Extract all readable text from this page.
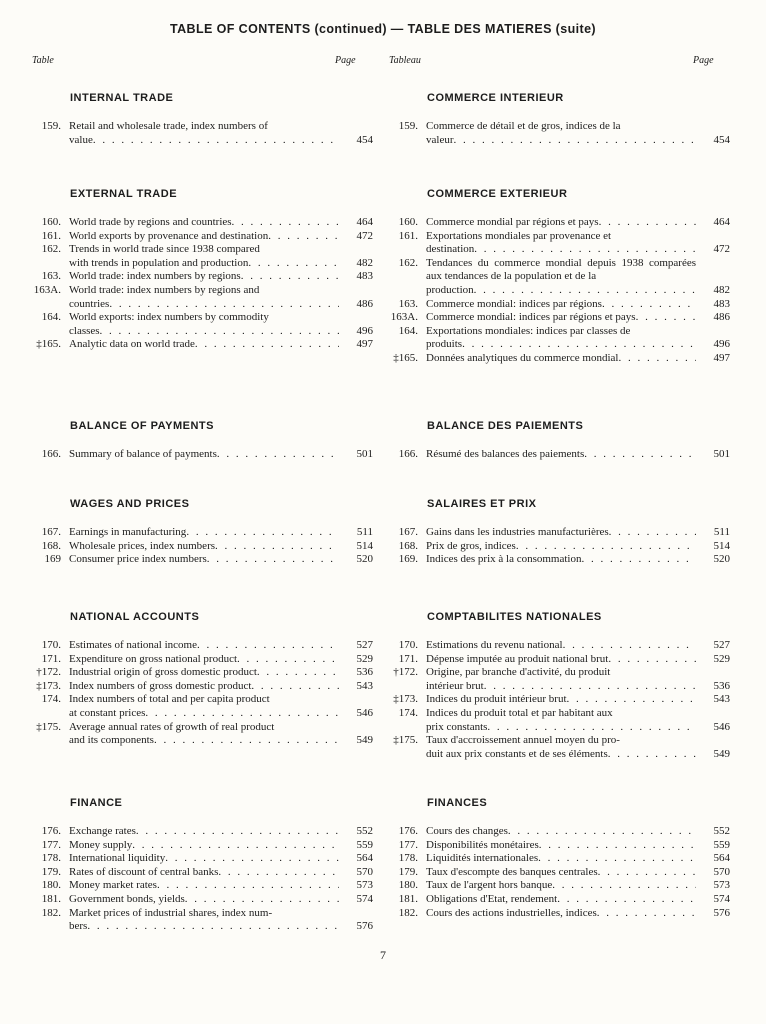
TABLE OF CONTENTS (continued) — TABLE DES MATIERES (suite)
Table	Page	Tableau	Page
INTERNAL TRADE
159. Retail and wholesale trade, index numbers of
value . . .	454
EXTERNAL TRADE
160. World trade by regions and countries . . .	464
161. World exports by provenance and destination . . .	472
162. Trends in world trade since 1938 compared
with trends in population and production . . .	482
163. World trade: index numbers by regions . . .	483
163A. World trade: index numbers by regions and
countries . . .	486
164. World exports: index numbers by commodity
classes . . .	496
‡165. Analytic data on world trade . . .	497
BALANCE OF PAYMENTS
166. Summary of balance of payments . . .	501
WAGES AND PRICES
167. Earnings in manufacturing . . .	511
168. Wholesale prices, index numbers . . .	514
169 Consumer price index numbers . . .	520
NATIONAL ACCOUNTS
170. Estimates of national income . . .	527
171. Expenditure on gross national product . . .	529
†172. Industrial origin of gross domestic product . . .	536
‡173. Index numbers of gross domestic product . . .	543
174. Index numbers of total and per capita product
at constant prices . . .	546
‡175. Average annual rates of growth of real product
and its components . . .	549
FINANCE
176. Exchange rates . . .	552
177. Money supply . . .	559
178. International liquidity . . .	564
179. Rates of discount of central banks . . .	570
180. Money market rates . . .	573
181. Government bonds, yields . . .	574
182. Market prices of industrial shares, index num-
bers . . .	576
COMMERCE INTERIEUR
159. Commerce de détail et de gros, indices de la
valeur . . .	454
COMMERCE EXTERIEUR
160. Commerce mondial par régions et pays . . .	464
161. Exportations mondiales par provenance et
destination . . .	472
162. Tendances du commerce mondial depuis 1938 comparées aux tendances de la population et de la
production . . .	482
163. Commerce mondial: indices par régions . . .	483
163A. Commerce mondial: indices par régions et pays . . .	486
164. Exportations mondiales: indices par classes de
produits . . .	496
‡165. Données analytiques du commerce mondial . . .	497
BALANCE DES PAIEMENTS
166. Résumé des balances des paiements . . .	501
SALAIRES ET PRIX
167. Gains dans les industries manufacturières . . .	511
168. Prix de gros, indices . . .	514
169. Indices des prix à la consommation . . .	520
COMPTABILITES NATIONALES
170. Estimations du revenu national . . .	527
171. Dépense imputée au produit national brut . . .	529
†172. Origine, par branche d'activité, du produit
intérieur brut . . .	536
‡173. Indices du produit intérieur brut . . .	543
174. Indices du produit total et par habitant aux
prix constants . . .	546
‡175. Taux d'accroissement annuel moyen du pro-
duit aux prix constants et de ses éléments . . .	549
FINANCES
176. Cours des changes . . .	552
177. Disponibilités monétaires . . .	559
178. Liquidités internationales . . .	564
179. Taux d'escompte des banques centrales . . .	570
180. Taux de l'argent hors banque . . .	573
181. Obligations d'Etat, rendement . . .	574
182. Cours des actions industrielles, indices . . .	576
7
